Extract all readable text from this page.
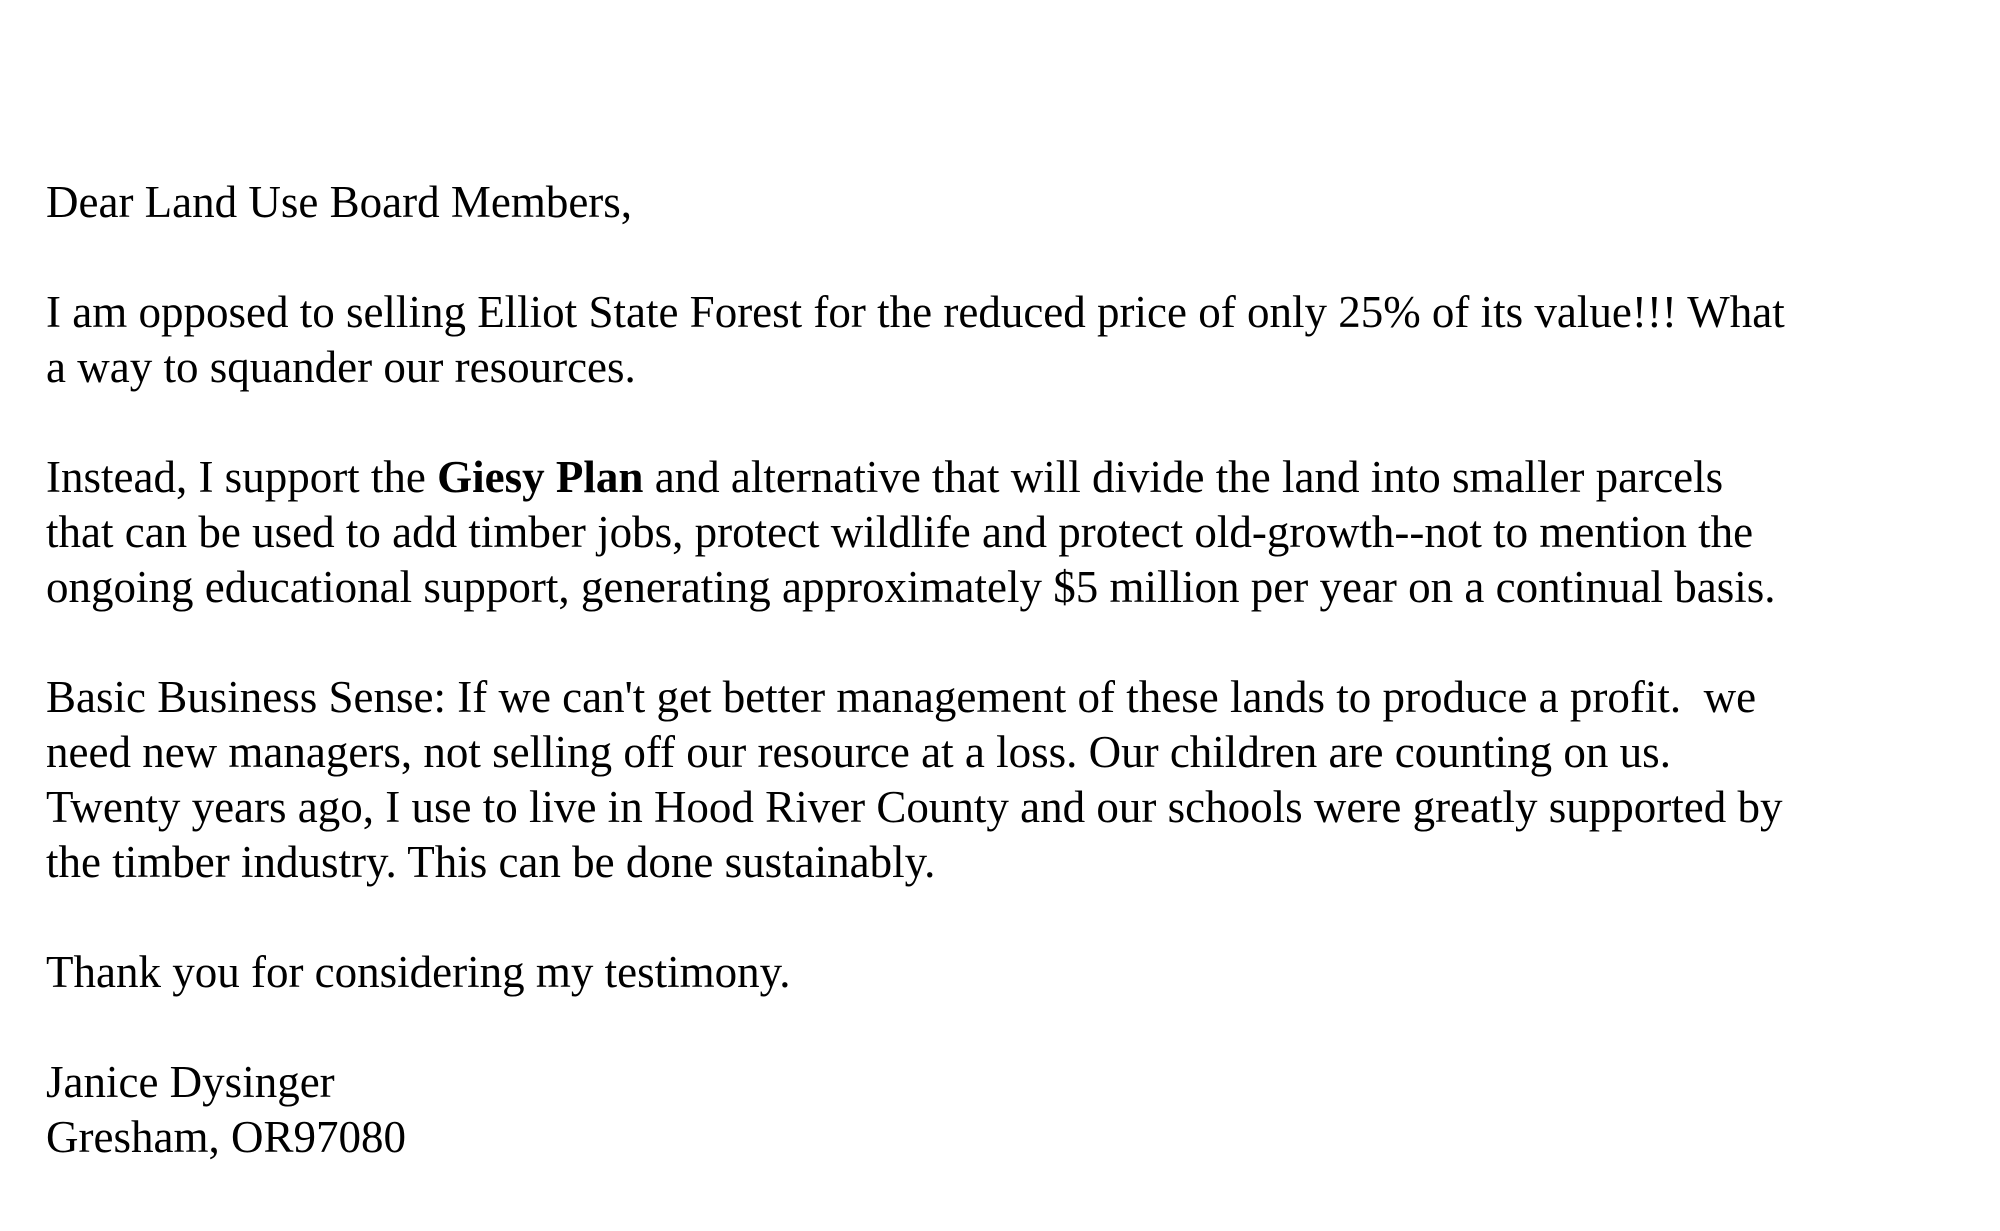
Dear Land Use Board Members,
I am opposed to selling Elliot State Forest for the reduced price of only 25% of its value!!! What
a way to squander our resources.
Instead, I support the Giesy Plan and alternative that will divide the land into smaller parcels
that can be used to add timber jobs, protect wildlife and protect old-growth--not to mention the
ongoing educational support, generating approximately $5 million per year on a continual basis.
Basic Business Sense: If we can't get better management of these lands to produce a profit.  we
need new managers, not selling off our resource at a loss. Our children are counting on us.
Twenty years ago, I use to live in Hood River County and our schools were greatly supported by
the timber industry. This can be done sustainably.
Thank you for considering my testimony.
Janice Dysinger
Gresham, OR97080
